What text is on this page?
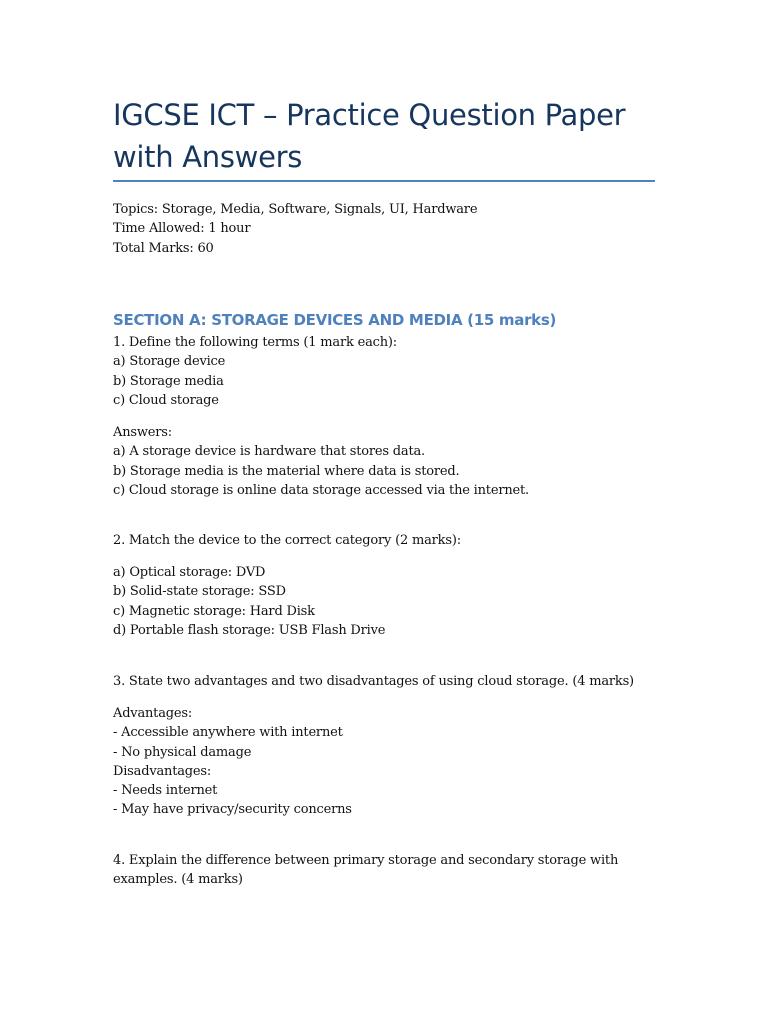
IGCSE ICT – Practice Question Paper with Answers
Topics: Storage, Media, Software, Signals, UI, Hardware
Time Allowed: 1 hour
Total Marks: 60
SECTION A: STORAGE DEVICES AND MEDIA (15 marks)
1. Define the following terms (1 mark each):
a) Storage device
b) Storage media
c) Cloud storage
Answers:
a) A storage device is hardware that stores data.
b) Storage media is the material where data is stored.
c) Cloud storage is online data storage accessed via the internet.
2. Match the device to the correct category (2 marks):
a) Optical storage: DVD
b) Solid-state storage: SSD
c) Magnetic storage: Hard Disk
d) Portable flash storage: USB Flash Drive
3. State two advantages and two disadvantages of using cloud storage. (4 marks)
Advantages:
- Accessible anywhere with internet
- No physical damage
Disadvantages:
- Needs internet
- May have privacy/security concerns
4. Explain the difference between primary storage and secondary storage with examples. (4 marks)
